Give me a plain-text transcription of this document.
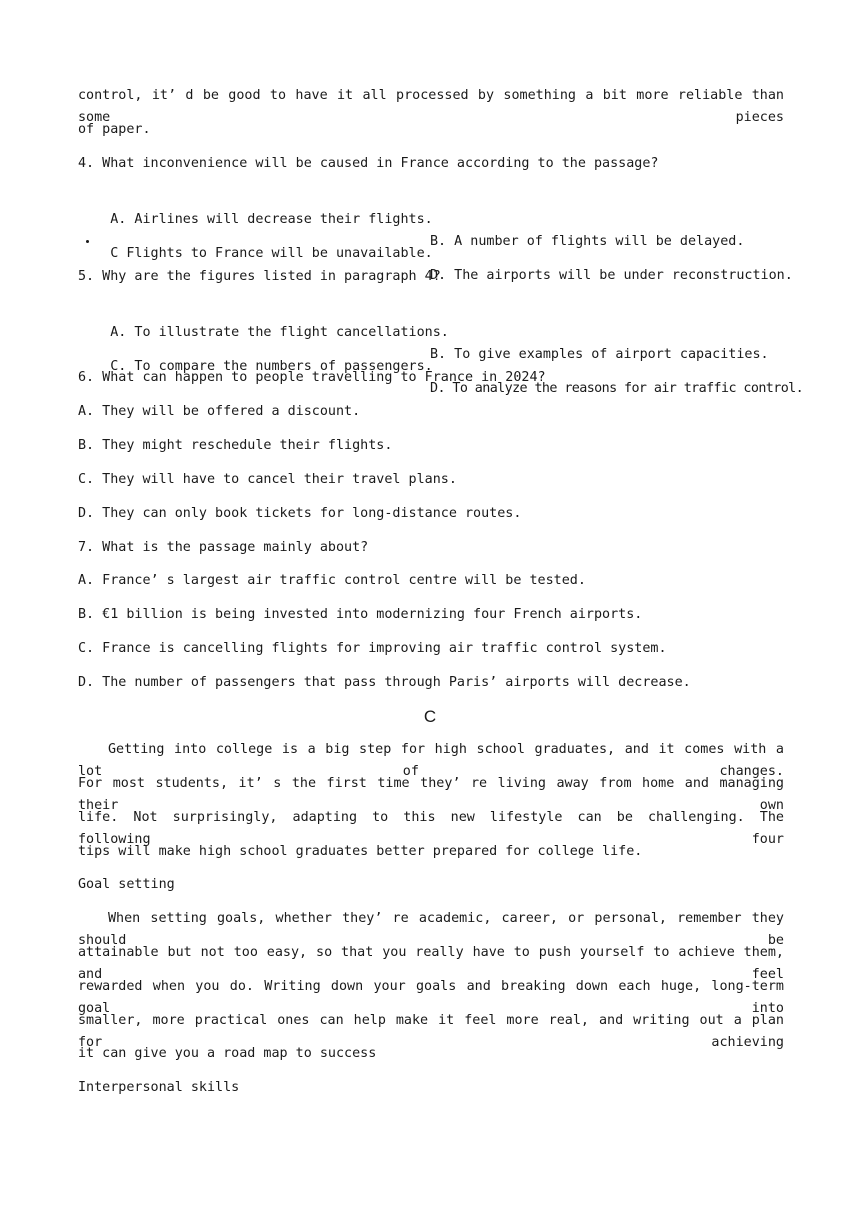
control, it’ d be good to have it all processed by something a bit more reliable than some pieces
of paper.
4. What inconvenience will be caused in France according to the passage?

A. Airlines will decrease their flights.

B. A number of flights will be delayed.

C Flights to France will be unavailable.

D. The airports will be under reconstruction.

5. Why are the figures listed in paragraph 4?

A. To illustrate the flight cancellations.

B. To give examples of airport capacities.

C. To compare the numbers of passengers.

D. To analyze the reasons for air traffic control.

6. What can happen to people travelling to France in 2024?
A. They will be offered a discount.
B. They might reschedule their flights.
C. They will have to cancel their travel plans.
D. They can only book tickets for long-distance routes.
7. What is the passage mainly about?
A. France’ s largest air traffic control centre will be tested.
B. €1 billion is being invested into modernizing four French airports.
C. France is cancelling flights for improving air traffic control system.
D. The number of passengers that pass through Paris’ airports will decrease.
C
Getting into college is a big step for high school graduates, and it comes with a lot of changes.
For most students, it’ s the first time they’ re living away from home and managing their own
life. Not surprisingly, adapting to this new lifestyle can be challenging. The following four
tips will make high school graduates better prepared for college life.
Goal setting
When setting goals, whether they’ re academic, career, or personal, remember they should be
attainable but not too easy, so that you really have to push yourself to achieve them, and feel
rewarded when you do. Writing down your goals and breaking down each huge, long-term goal into
smaller, more practical ones can help make it feel more real, and writing out a plan for achieving
it can give you a road map to success
Interpersonal skills
